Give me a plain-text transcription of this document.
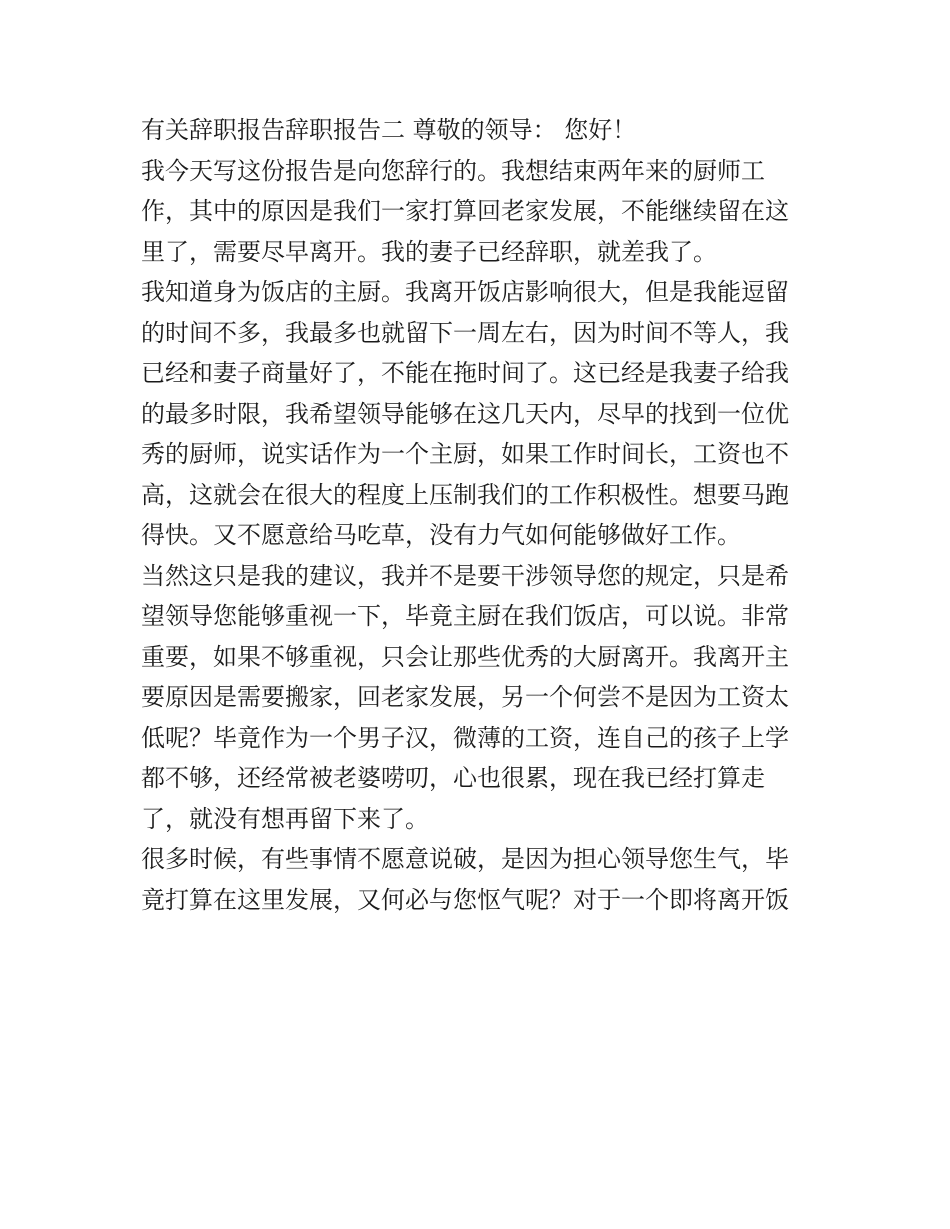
有关辞职报告辞职报告二 尊敬的领导： 您好！
我今天写这份报告是向您辞行的。我想结束两年来的厨师工
作，其中的原因是我们一家打算回老家发展，不能继续留在这
里了，需要尽早离开。我的妻子已经辞职，就差我了。
我知道身为饭店的主厨。我离开饭店影响很大，但是我能逗留
的时间不多，我最多也就留下一周左右，因为时间不等人，我
已经和妻子商量好了，不能在拖时间了。这已经是我妻子给我
的最多时限，我希望领导能够在这几天内，尽早的找到一位优
秀的厨师，说实话作为一个主厨，如果工作时间长，工资也不
高，这就会在很大的程度上压制我们的工作积极性。想要马跑
得快。又不愿意给马吃草，没有力气如何能够做好工作。
当然这只是我的建议，我并不是要干涉领导您的规定，只是希
望领导您能够重视一下，毕竟主厨在我们饭店，可以说。非常
重要，如果不够重视，只会让那些优秀的大厨离开。我离开主
要原因是需要搬家，回老家发展，另一个何尝不是因为工资太
低呢？毕竟作为一个男子汉，微薄的工资，连自己的孩子上学
都不够，还经常被老婆唠叨，心也很累，现在我已经打算走
了，就没有想再留下来了。
很多时候，有些事情不愿意说破，是因为担心领导您生气，毕
竟打算在这里发展，又何必与您怄气呢？对于一个即将离开饭
